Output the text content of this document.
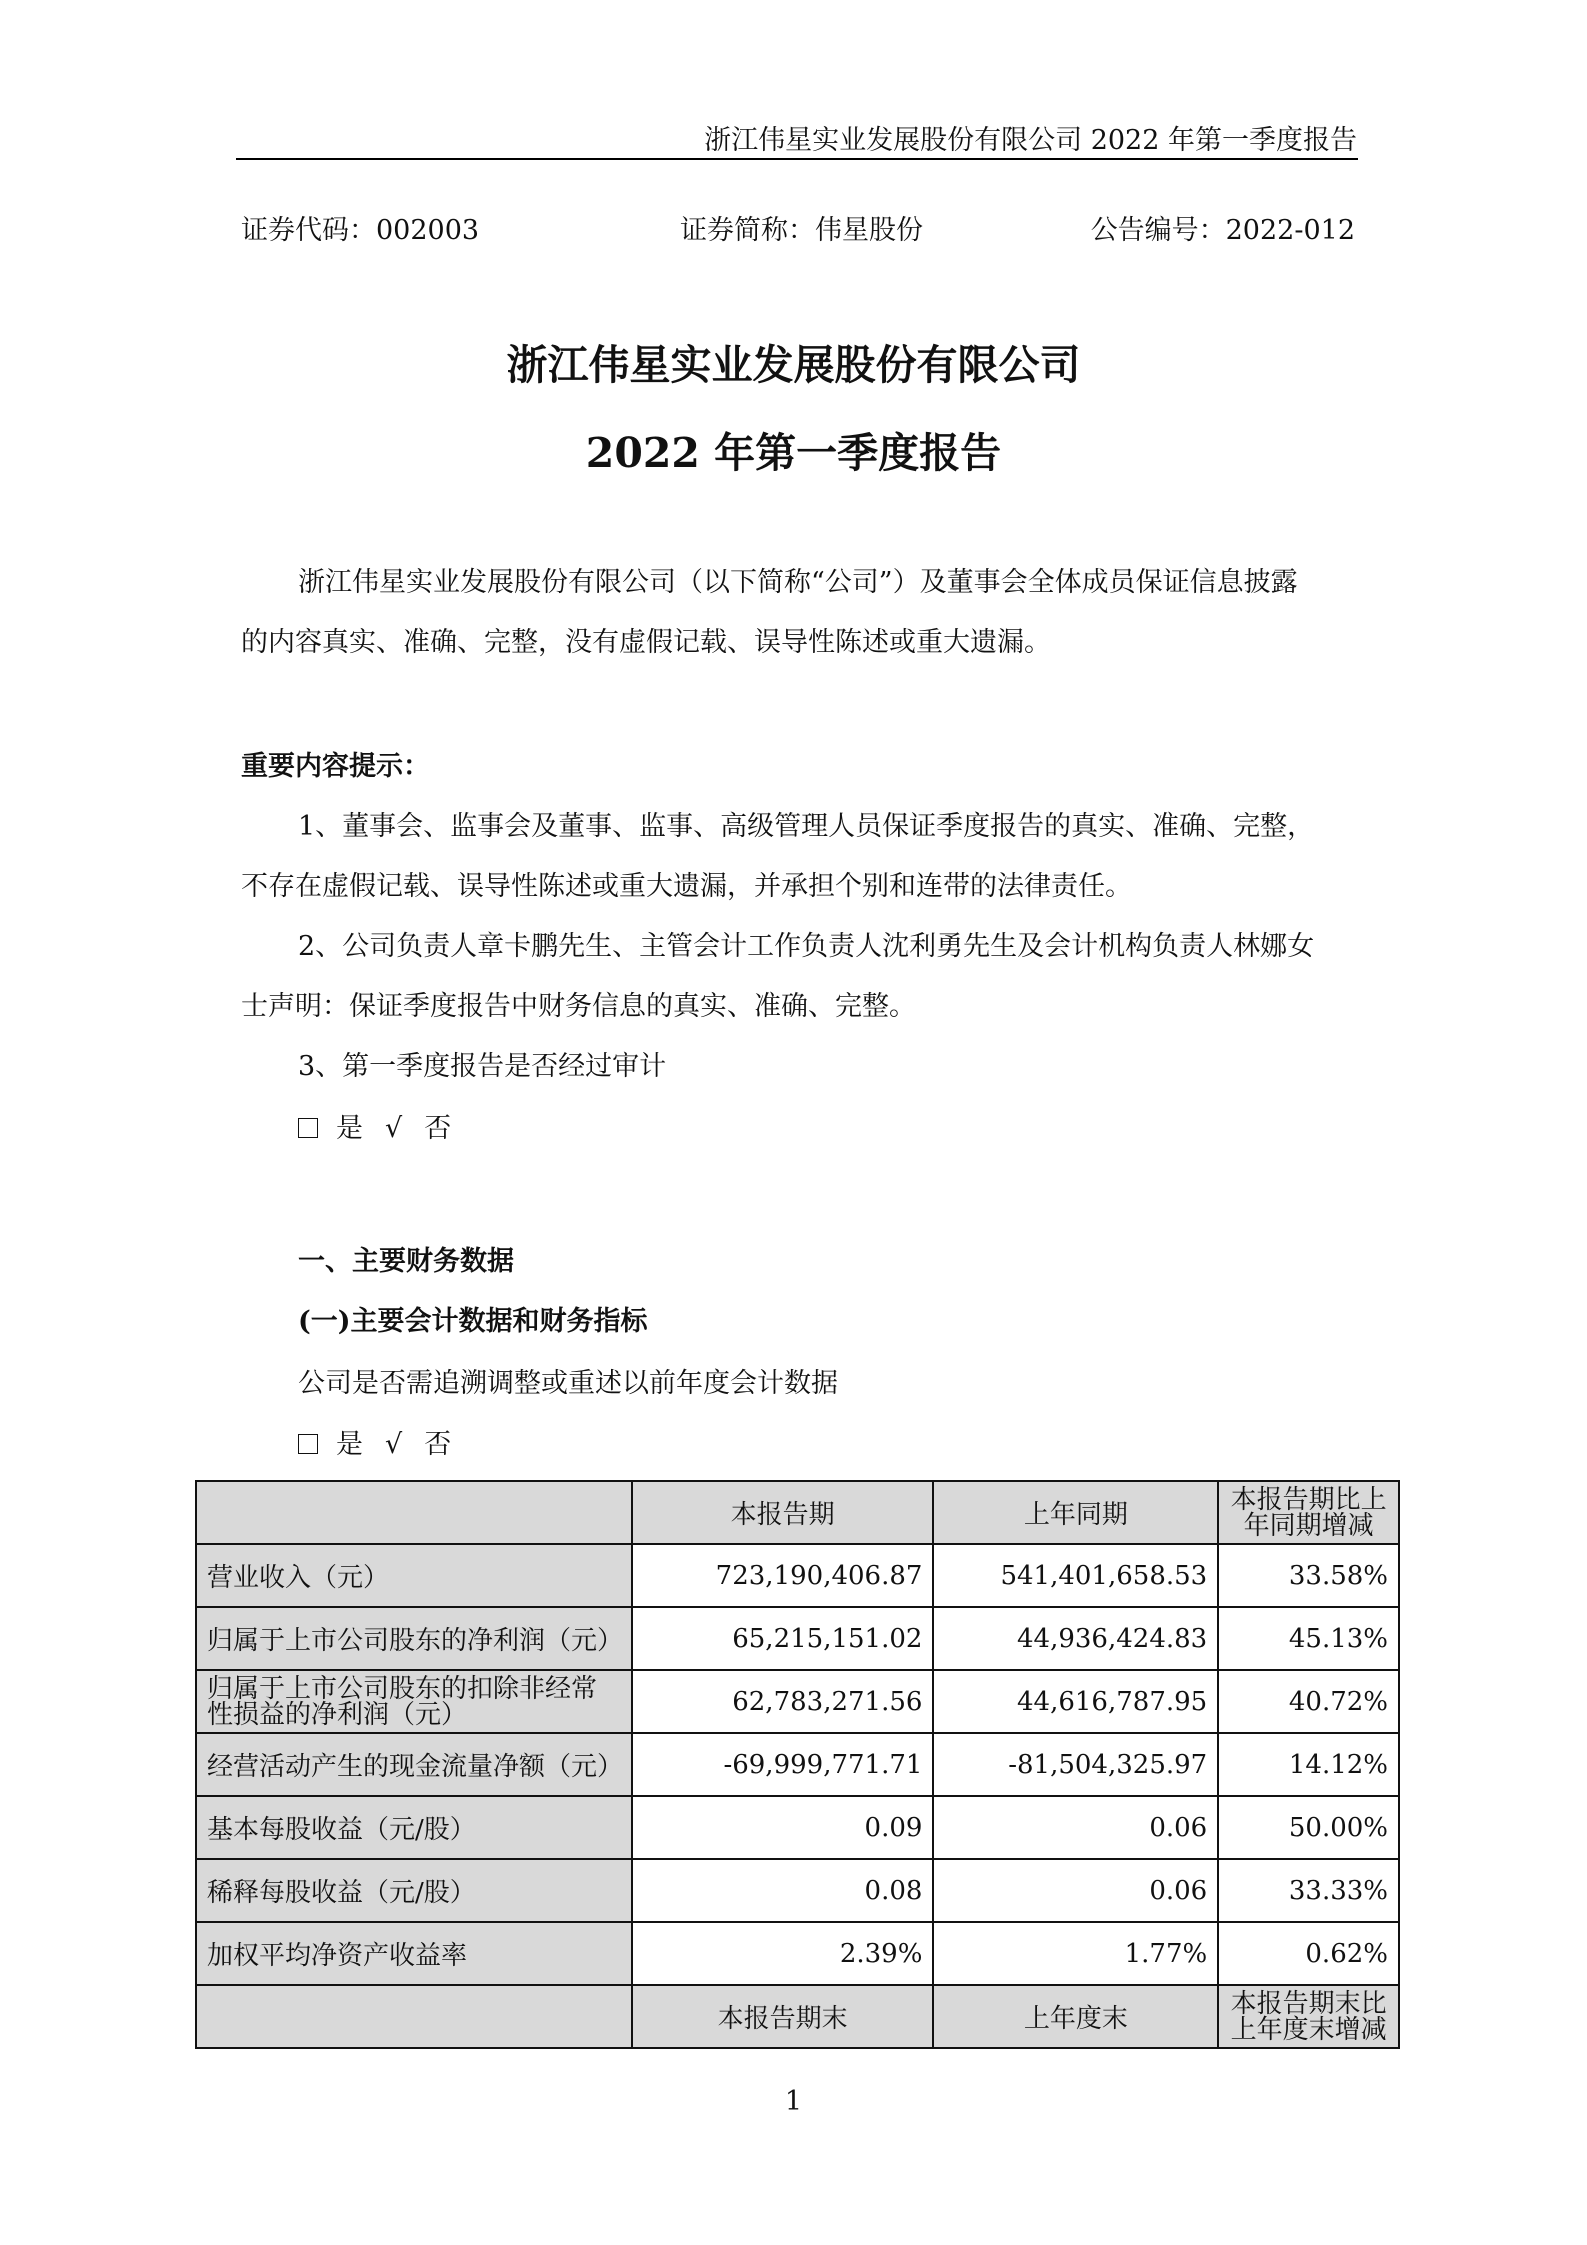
浙江伟星实业发展股份有限公司 2022 年第一季度报告
证券代码：002003	证券简称：伟星股份	公告编号：2022-012
浙江伟星实业发展股份有限公司
2022 年第一季度报告
浙江伟星实业发展股份有限公司（以下简称“公司”）及董事会全体成员保证信息披露
的内容真实、准确、完整，没有虚假记载、误导性陈述或重大遗漏。
重要内容提示：
1、董事会、监事会及董事、监事、高级管理人员保证季度报告的真实、准确、完整，
不存在虚假记载、误导性陈述或重大遗漏，并承担个别和连带的法律责任。
2、公司负责人章卡鹏先生、主管会计工作负责人沈利勇先生及会计机构负责人林娜女
士声明：保证季度报告中财务信息的真实、准确、完整。
3、第一季度报告是否经过审计
是 √ 否
一、主要财务数据
(一)主要会计数据和财务指标
公司是否需追溯调整或重述以前年度会计数据
是 √ 否
	本报告期	上年同期	本报告期比上年同期增减
营业收入（元）	723,190,406.87	541,401,658.53	33.58%
归属于上市公司股东的净利润（元）	65,215,151.02	44,936,424.83	45.13%
归属于上市公司股东的扣除非经常性损益的净利润（元）	62,783,271.56	44,616,787.95	40.72%
经营活动产生的现金流量净额（元）	-69,999,771.71	-81,504,325.97	14.12%
基本每股收益（元/股）	0.09	0.06	50.00%
稀释每股收益（元/股）	0.08	0.06	33.33%
加权平均净资产收益率	2.39%	1.77%	0.62%
	本报告期末	上年度末	本报告期末比上年度末增减
1
